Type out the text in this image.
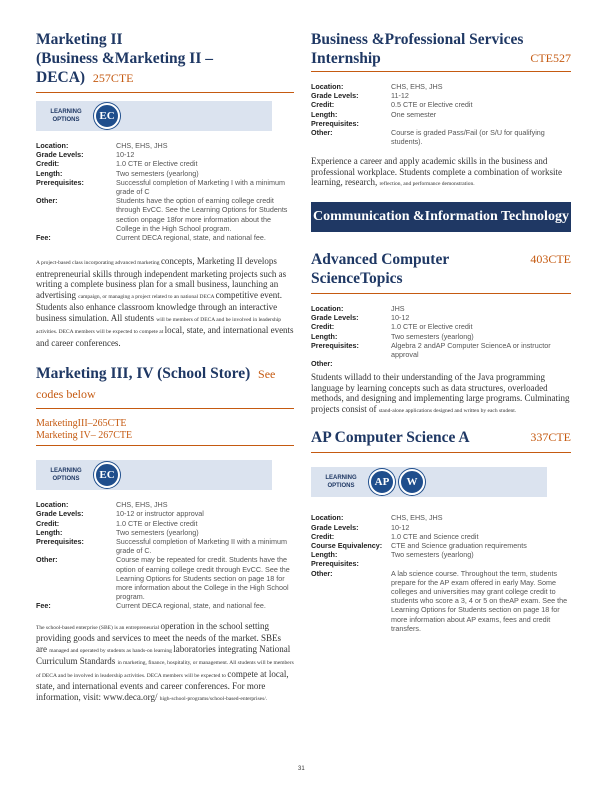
Marketing II
(Business &Marketing II – DECA) 257CTE
LEARNING OPTIONS	EC
Location:	CHS, EHS, JHS
Grade Levels:	10-12
Credit:	1.0 CTE or Elective credit
Length:	Two semesters (yearlong)
Prerequisites:	Successful completion of Marketing I with a minimum grade of C
Other:	Students have the option of earning college credit through EvCC. See the Learning Options for Students section onpage 18for more information about the College in the High School program.
Fee:	Current DECA regional, state, and national fee.
A project-based class incorporating advanced marketing concepts, Marketing II develops entrepreneurial skills through independent marketing projects such as writing a complete business plan for a small business, launching an advertising campaign, or managing a project related to an national DECA competitive event. Students also enhance classroom knowledge through an interactive business simulation. All students will be members of DECA and be involved in leadership activities. DECA members will be expected to compete at local, state, and international events and career conferences.
Marketing III, IV (School Store) See codes below
MarketingIII–265CTE
Marketing IV– 267CTE
LEARNING OPTIONS	EC
Location:	CHS, EHS, JHS
Grade Levels:	10-12 or instructor approval
Credit:	1.0 CTE or Elective credit
Length:	Two semesters (yearlong)
Prerequisites:	Successful completion of Marketing II with a minimum grade of C.
Other:	Course may be repeated for credit. Students have the option of earning college credit through EvCC. See the Learning Options for Students section on page 18 for more information about the College in the High School program.
Fee:	Current DECA regional, state, and national fee.
The school-based enterprise (SBE) is an entrepreneurial operation in the school setting providing goods and services to meet the needs of the market. SBEs are managed and operated by students as hands-on learning laboratories integrating National Curriculum Standards in marketing, finance, hospitality, or management. All students will be members of DECA and be involved in leadership activities. DECA members will be expected to compete at local, state, and international events and career conferences. For more information, visit: www.deca.org/ high-school-programs/school-based-enterprises/.
Business &Professional Services
Internship	CTE527
Location:	CHS, EHS, JHS
Grade Levels:	11-12
Credit:	0.5 CTE or Elective credit
Length:	One semester
Prerequisites:	
Other:	Course is graded Pass/Fail (or S/U for qualifying students).
Experience a career and apply academic skills in the business and professional workplace. Students complete a combination of worksite learning, research, reflection, and performance demonstration.
Communication &Information Technology
Advanced Computer ScienceTopics
403CTE
Location:	JHS
Grade Levels:	10-12
Credit:	1.0 CTE or Elective credit
Length:	Two semesters (yearlong)
Prerequisites:	Algebra 2 andAP Computer ScienceA or instructor approval
Other:	
Students willadd to their understanding of the Java programming language by learning concepts such as data structures, overloaded methods, and designing and implementing large programs. Culminating projects consist of stand-alone applications designed and written by each student.
AP Computer Science A	337CTE
LEARNING OPTIONS	AP	W
Location:	CHS, EHS, JHS
Grade Levels:	10-12
Credit:	1.0 CTE and Science credit
Course Equivalency:	CTE and Science graduation requirements
Length:	Two semesters (yearlong)
Prerequisites:	
Other:	A lab science course. Throughout the term, students prepare for the AP exam offered in early May. Some colleges and universities may grant college credit to students who score a 3, 4 or 5 on theAP exam. See the Learning Options for Students section on page 18 for more information about AP exams, fees and credit transfers.
31
